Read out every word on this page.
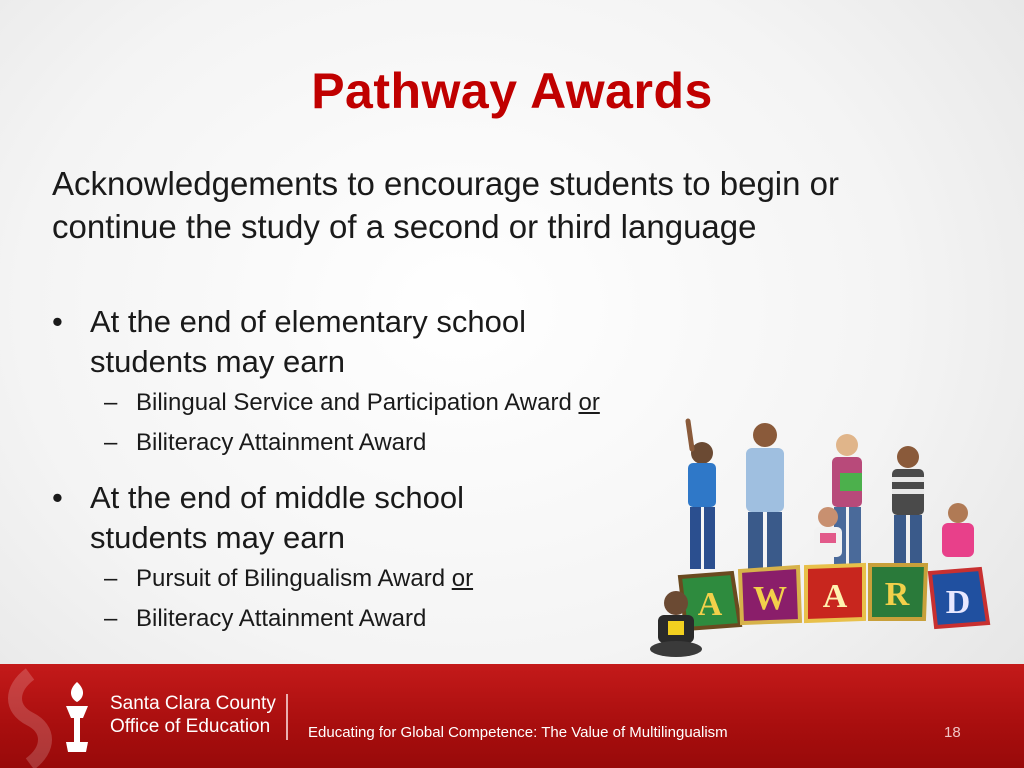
Pathway Awards
Acknowledgements to encourage students to begin or continue the study of a second or third language
• At the end of elementary school
students may earn
– Bilingual Service and Participation Award or
– Biliteracy Attainment Award
• At the end of middle school
students may earn
– Pursuit of Bilingualism Award or
– Biliteracy Attainment Award	A W A R D
Santa Clara County
Office of Education	Educating for Global Competence: The Value of Multilingualism	18
